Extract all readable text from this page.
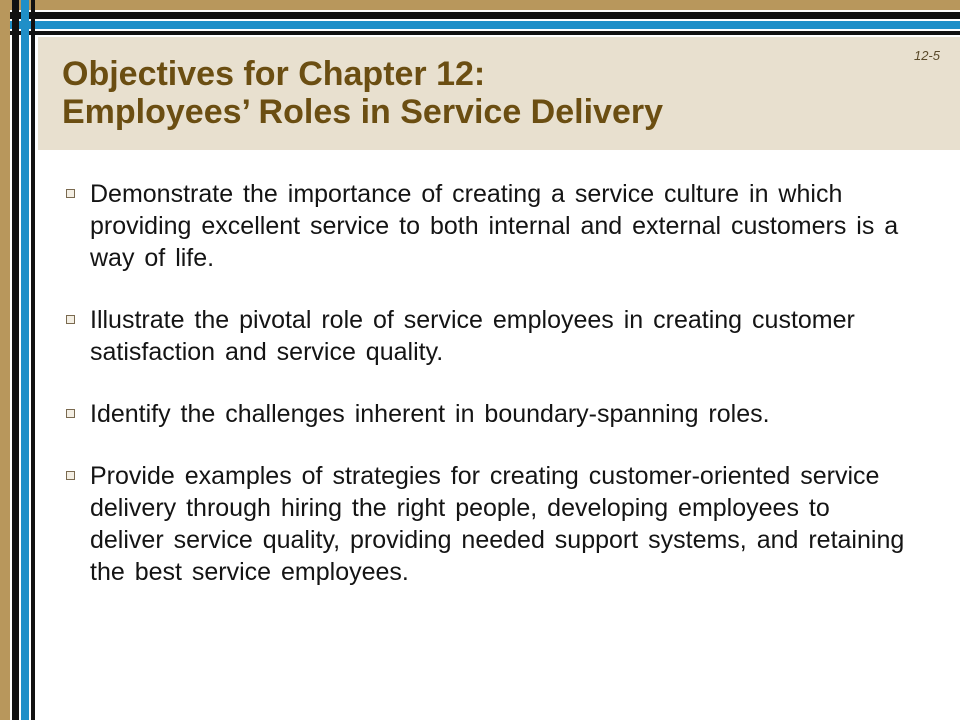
12-5
Objectives for Chapter 12:
Employees’ Roles in Service Delivery
Demonstrate the importance of creating a service culture in which providing excellent service to both internal and external customers is a way of life.
Illustrate the pivotal role of service employees in creating customer satisfaction and service quality.
Identify the challenges inherent in boundary-spanning roles.
Provide examples of strategies for creating customer-oriented service delivery through hiring the right people, developing employees to deliver service quality, providing needed support systems, and retaining the best service employees.
